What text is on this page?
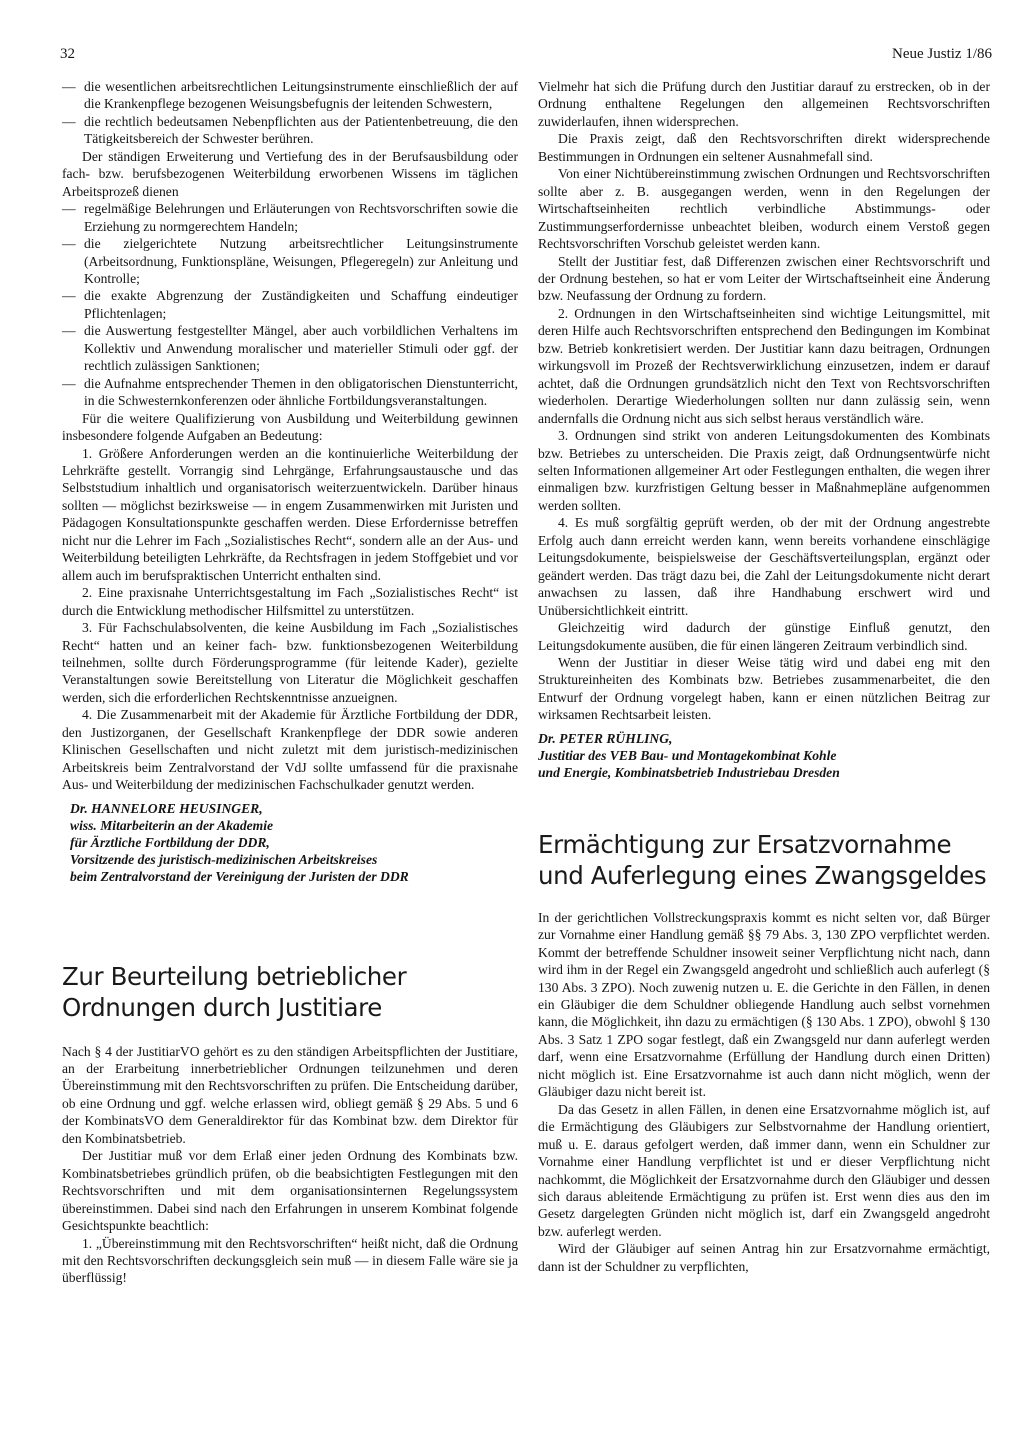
32	Neue Justiz 1/86
— die wesentlichen arbeitsrechtlichen Leitungsinstrumente einschließlich der auf die Krankenpflege bezogenen Weisungsbefugnis der leitenden Schwestern,
— die rechtlich bedeutsamen Nebenpflichten aus der Patientenbetreuung, die den Tätigkeitsbereich der Schwester berühren.

Der ständigen Erweiterung und Vertiefung des in der Berufsausbildung oder fach- bzw. berufsbezogenen Weiterbildung erworbenen Wissens im täglichen Arbeitsprozeß dienen

— regelmäßige Belehrungen und Erläuterungen von Rechtsvorschriften sowie die Erziehung zu normgerechtem Handeln;
— die zielgerichtete Nutzung arbeitsrechtlicher Leitungsinstrumente (Arbeitsordnung, Funktionspläne, Weisungen, Pflegeregeln) zur Anleitung und Kontrolle;
— die exakte Abgrenzung der Zuständigkeiten und Schaffung eindeutiger Pflichtenlagen;
— die Auswertung festgestellter Mängel, aber auch vorbildlichen Verhaltens im Kollektiv und Anwendung moralischer und materieller Stimuli oder ggf. der rechtlich zulässigen Sanktionen;
— die Aufnahme entsprechender Themen in den obligatorischen Dienstunterricht, in die Schwesternkonferenzen oder ähnliche Fortbildungsveranstaltungen.

Für die weitere Qualifizierung von Ausbildung und Weiterbildung gewinnen insbesondere folgende Aufgaben an Bedeutung:

1. Größere Anforderungen werden an die kontinuierliche Weiterbildung der Lehrkräfte gestellt. Vorrangig sind Lehrgänge, Erfahrungsaustausche und das Selbststudium inhaltlich und organisatorisch weiterzuentwickeln. Darüber hinaus sollten — möglichst bezirksweise — in engem Zusammenwirken mit Juristen und Pädagogen Konsultationspunkte geschaffen werden. Diese Erfordernisse betreffen nicht nur die Lehrer im Fach „Sozialistisches Recht“, sondern alle an der Aus- und Weiterbildung beteiligten Lehrkräfte, da Rechtsfragen in jedem Stoffgebiet und vor allem auch im berufspraktischen Unterricht enthalten sind.

2. Eine praxisnahe Unterrichtsgestaltung im Fach „Sozialistisches Recht“ ist durch die Entwicklung methodischer Hilfsmittel zu unterstützen.

3. Für Fachschulabsolventen, die keine Ausbildung im Fach „Sozialistisches Recht“ hatten und an keiner fach- bzw. funktionsbezogenen Weiterbildung teilnehmen, sollte durch Förderungsprogramme (für leitende Kader), gezielte Veranstaltungen sowie Bereitstellung von Literatur die Möglichkeit geschaffen werden, sich die erforderlichen Rechtskenntnisse anzueignen.

4. Die Zusammenarbeit mit der Akademie für Ärztliche Fortbildung der DDR, den Justizorganen, der Gesellschaft Krankenpflege der DDR sowie anderen Klinischen Gesellschaften und nicht zuletzt mit dem juristisch-medizinischen Arbeitskreis beim Zentralvorstand der VdJ sollte umfassend für die praxisnahe Aus- und Weiterbildung der medizinischen Fachschulkader genutzt werden.

Dr. HANNELORE HEUSINGER,
wiss. Mitarbeiterin an der Akademie
für Ärztliche Fortbildung der DDR,
Vorsitzende des juristisch-medizinischen Arbeitskreises
beim Zentralvorstand der Vereinigung der Juristen der DDR
Zur Beurteilung betrieblicher Ordnungen durch Justitiare

Nach § 4 der JustitiarVO gehört es zu den ständigen Arbeitspflichten der Justitiare, an der Erarbeitung innerbetrieblicher Ordnungen teilzunehmen und deren Übereinstimmung mit den Rechtsvorschriften zu prüfen. Die Entscheidung darüber, ob eine Ordnung und ggf. welche erlassen wird, obliegt gemäß § 29 Abs. 5 und 6 der KombinatsVO dem Generaldirektor für das Kombinat bzw. dem Direktor für den Kombinatsbetrieb.

Der Justitiar muß vor dem Erlaß einer jeden Ordnung des Kombinats bzw. Kombinatsbetriebes gründlich prüfen, ob die beabsichtigten Festlegungen mit den Rechtsvorschriften und mit dem organisationsinternen Regelungssystem übereinstimmen. Dabei sind nach den Erfahrungen in unserem Kombinat folgende Gesichtspunkte beachtlich:

1. „Übereinstimmung mit den Rechtsvorschriften“ heißt nicht, daß die Ordnung mit den Rechtsvorschriften deckungsgleich sein muß — in diesem Falle wäre sie ja überflüssig!

Vielmehr hat sich die Prüfung durch den Justitiar darauf zu erstrecken, ob in der Ordnung enthaltene Regelungen den allgemeinen Rechtsvorschriften zuwiderlaufen, ihnen widersprechen.

Die Praxis zeigt, daß den Rechtsvorschriften direkt widersprechende Bestimmungen in Ordnungen ein seltener Ausnahmefall sind.

Von einer Nichtübereinstimmung zwischen Ordnungen und Rechtsvorschriften sollte aber z. B. ausgegangen werden, wenn in den Regelungen der Wirtschaftseinheiten rechtlich verbindliche Abstimmungs- oder Zustimmungserfordernisse unbeachtet bleiben, wodurch einem Verstoß gegen Rechtsvorschriften Vorschub geleistet werden kann.

Stellt der Justitiar fest, daß Differenzen zwischen einer Rechtsvorschrift und der Ordnung bestehen, so hat er vom Leiter der Wirtschaftseinheit eine Änderung bzw. Neufassung der Ordnung zu fordern.

2. Ordnungen in den Wirtschaftseinheiten sind wichtige Leitungsmittel, mit deren Hilfe auch Rechtsvorschriften entsprechend den Bedingungen im Kombinat bzw. Betrieb konkretisiert werden. Der Justitiar kann dazu beitragen, Ordnungen wirkungsvoll im Prozeß der Rechtsverwirklichung einzusetzen, indem er darauf achtet, daß die Ordnungen grundsätzlich nicht den Text von Rechtsvorschriften wiederholen. Derartige Wiederholungen sollten nur dann zulässig sein, wenn andernfalls die Ordnung nicht aus sich selbst heraus verständlich wäre.

3. Ordnungen sind strikt von anderen Leitungsdokumenten des Kombinats bzw. Betriebes zu unterscheiden. Die Praxis zeigt, daß Ordnungsentwürfe nicht selten Informationen allgemeiner Art oder Festlegungen enthalten, die wegen ihrer einmaligen bzw. kurzfristigen Geltung besser in Maßnahmepläne aufgenommen werden sollten.

4. Es muß sorgfältig geprüft werden, ob der mit der Ordnung angestrebte Erfolg auch dann erreicht werden kann, wenn bereits vorhandene einschlägige Leitungsdokumente, beispielsweise der Geschäftsverteilungsplan, ergänzt oder geändert werden. Das trägt dazu bei, die Zahl der Leitungsdokumente nicht derart anwachsen zu lassen, daß ihre Handhabung erschwert wird und Unübersichtlichkeit eintritt.

Gleichzeitig wird dadurch der günstige Einfluß genutzt, den Leitungsdokumente ausüben, die für einen längeren Zeitraum verbindlich sind.

Wenn der Justitiar in dieser Weise tätig wird und dabei eng mit den Struktureinheiten des Kombinats bzw. Betriebes zusammenarbeitet, die den Entwurf der Ordnung vorgelegt haben, kann er einen nützlichen Beitrag zur wirksamen Rechtsarbeit leisten.

Dr. PETER RÜHLING,
Justitiar des VEB Bau- und Montagekombinat Kohle
und Energie, Kombinatsbetrieb Industriebau Dresden
Ermächtigung zur Ersatzvornahme und Auferlegung eines Zwangsgeldes

In der gerichtlichen Vollstreckungspraxis kommt es nicht selten vor, daß Bürger zur Vornahme einer Handlung gemäß §§ 79 Abs. 3, 130 ZPO verpflichtet werden. Kommt der betreffende Schuldner insoweit seiner Verpflichtung nicht nach, dann wird ihm in der Regel ein Zwangsgeld angedroht und schließlich auch auferlegt (§ 130 Abs. 3 ZPO). Noch zuwenig nutzen u. E. die Gerichte in den Fällen, in denen ein Gläubiger die dem Schuldner obliegende Handlung auch selbst vornehmen kann, die Möglichkeit, ihn dazu zu ermächtigen (§ 130 Abs. 1 ZPO), obwohl § 130 Abs. 3 Satz 1 ZPO sogar festlegt, daß ein Zwangsgeld nur dann auferlegt werden darf, wenn eine Ersatzvornahme (Erfüllung der Handlung durch einen Dritten) nicht möglich ist. Eine Ersatzvornahme ist auch dann nicht möglich, wenn der Gläubiger dazu nicht bereit ist.

Da das Gesetz in allen Fällen, in denen eine Ersatzvornahme möglich ist, auf die Ermächtigung des Gläubigers zur Selbstvornahme der Handlung orientiert, muß u. E. daraus gefolgert werden, daß immer dann, wenn ein Schuldner zur Vornahme einer Handlung verpflichtet ist und er dieser Verpflichtung nicht nachkommt, die Möglichkeit der Ersatzvornahme durch den Gläubiger und dessen sich daraus ableitende Ermächtigung zu prüfen ist. Erst wenn dies aus den im Gesetz dargelegten Gründen nicht möglich ist, darf ein Zwangsgeld angedroht bzw. auferlegt werden.

Wird der Gläubiger auf seinen Antrag hin zur Ersatzvornahme ermächtigt, dann ist der Schuldner zu verpflichten,
